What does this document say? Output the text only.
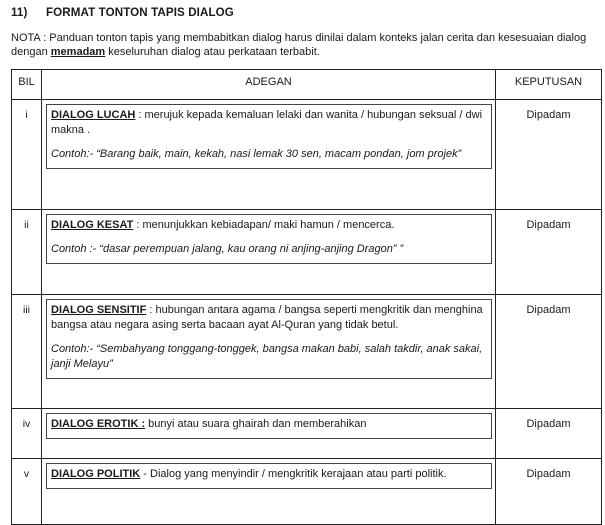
11) FORMAT TONTON TAPIS DIALOG
NOTA : Panduan tonton tapis yang membabitkan dialog harus dinilai dalam konteks jalan cerita dan kesesuaian dialog dengan memadam keseluruhan dialog atau perkataan terbabit.
BIL	ADEGAN	KEPUTUSAN
i	DIALOG LUCAH : merujuk kepada kemaluan lelaki dan wanita / hubungan seksual / dwi makna .
Contoh:- “Barang baik, main, kekah, nasi lemak 30 sen, macam pondan, jom projek”	Dipadam
ii	DIALOG KESAT : menunjukkan kebiadapan/ maki hamun / mencerca.
Contoh :- “dasar perempuan jalang, kau orang ni anjing-anjing Dragon” ”	Dipadam
iii	DIALOG SENSITIF : hubungan antara agama / bangsa seperti mengkritik dan menghina bangsa atau negara asing serta bacaan ayat Al-Quran yang tidak betul.
Contoh:- “Sembahyang tonggang-tonggek, bangsa makan babi, salah takdir, anak sakai, janji Melayu”	Dipadam
iv	DIALOG EROTIK : bunyi atau suara ghairah dan memberahikan	Dipadam
v	DIALOG POLITIK - Dialog yang menyindir / mengkritik kerajaan atau parti politik.	Dipadam
